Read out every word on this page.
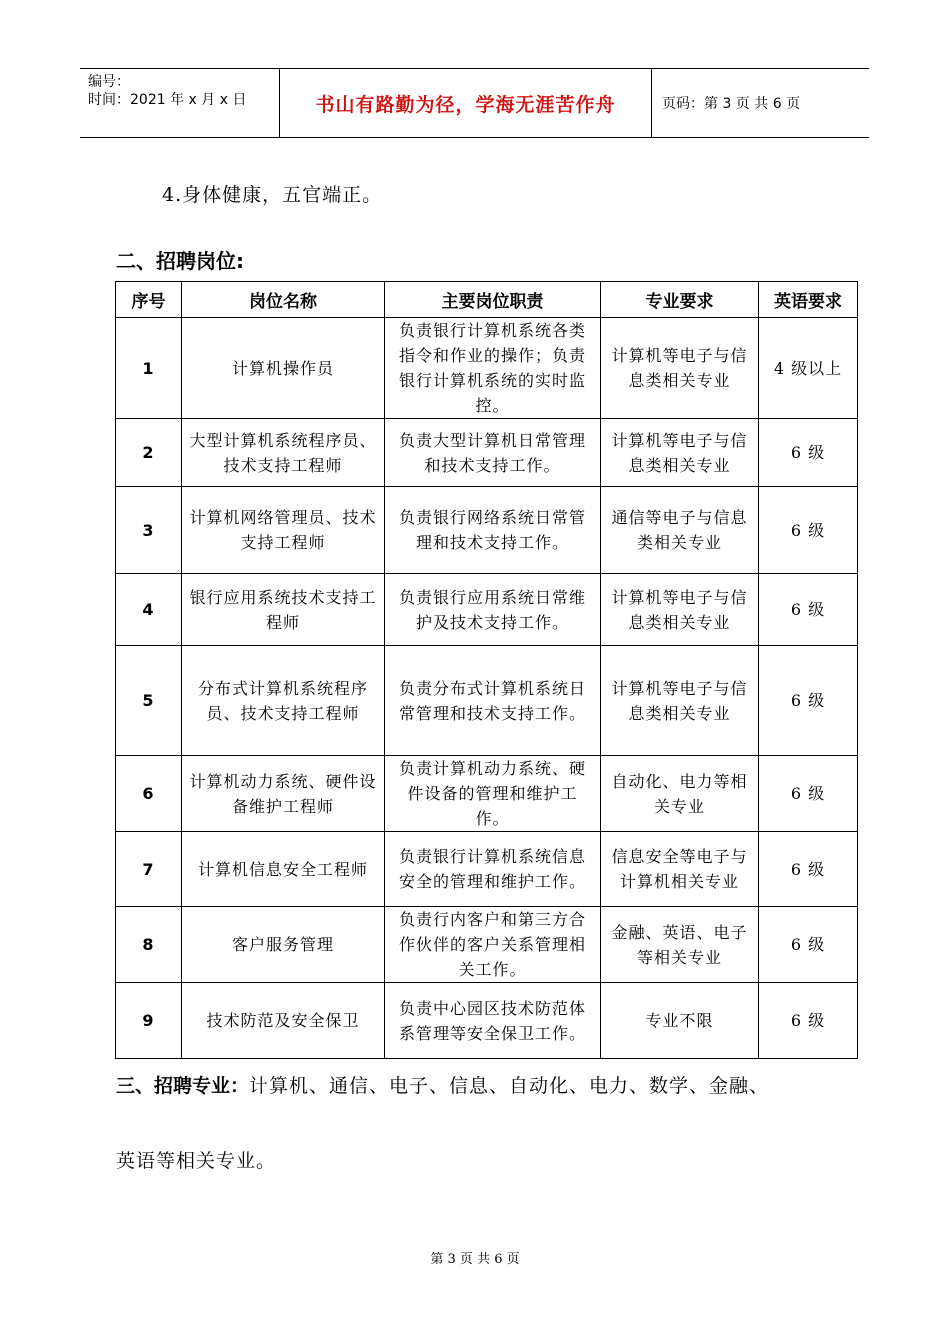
编号：
时间：2021 年 x 月 x 日	书山有路勤为径，学海无涯苦作舟	页码：第 3 页 共 6 页
4.身体健康，五官端正。
二、招聘岗位:
序号	岗位名称	主要岗位职责	专业要求	英语要求
1	计算机操作员	负责银行计算机系统各类指令和作业的操作；负责银行计算机系统的实时监控。	计算机等电子与信息类相关专业	4 级以上
2	大型计算机系统程序员、技术支持工程师	负责大型计算机日常管理和技术支持工作。	计算机等电子与信息类相关专业	6 级
3	计算机网络管理员、技术支持工程师	负责银行网络系统日常管理和技术支持工作。	通信等电子与信息类相关专业	6 级
4	银行应用系统技术支持工程师	负责银行应用系统日常维护及技术支持工作。	计算机等电子与信息类相关专业	6 级
5	分布式计算机系统程序员、技术支持工程师	负责分布式计算机系统日常管理和技术支持工作。	计算机等电子与信息类相关专业	6 级
6	计算机动力系统、硬件设备维护工程师	负责计算机动力系统、硬件设备的管理和维护工作。	自动化、电力等相关专业	6 级
7	计算机信息安全工程师	负责银行计算机系统信息安全的管理和维护工作。	信息安全等电子与计算机相关专业	6 级
8	客户服务管理	负责行内客户和第三方合作伙伴的客户关系管理相关工作。	金融、英语、电子等相关专业	6 级
9	技术防范及安全保卫	负责中心园区技术防范体系管理等安全保卫工作。	专业不限	6 级
三、招聘专业：计算机、通信、电子、信息、自动化、电力、数学、金融、
英语等相关专业。
第 3 页 共 6 页
